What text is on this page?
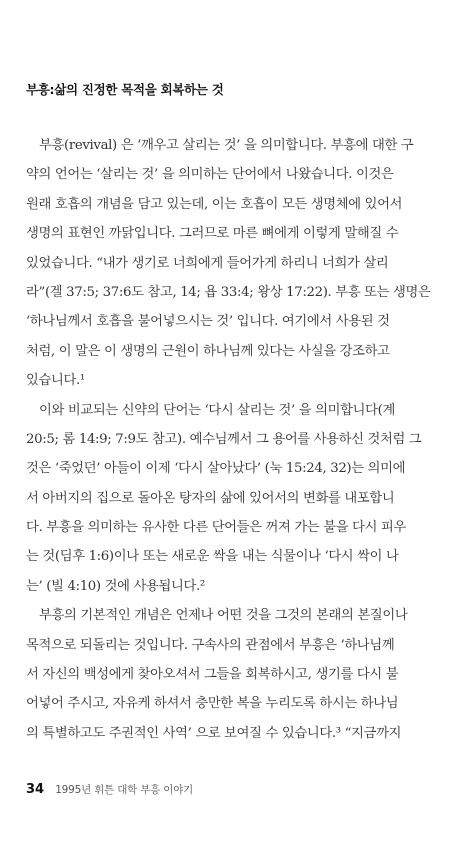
부흥:삶의 진정한 목적을 회복하는 것
부흥(revival) 은 ‘깨우고 살리는 것’ 을 의미합니다. 부흥에 대한 구
약의 언어는 ‘살리는 것’ 을 의미하는 단어에서 나왔습니다. 이것은
원래 호흡의 개념을 담고 있는데, 이는 호흡이 모든 생명체에 있어서
생명의 표현인 까닭입니다. 그러므로 마른 뼈에게 이렇게 말해질 수
있었습니다. “내가 생기로 너희에게 들어가게 하리니 너희가 살리
라”(겔 37:5; 37:6도 참고, 14; 욥 33:4; 왕상 17:22). 부흥 또는 생명은
‘하나님께서 호흡을 불어넣으시는 것’ 입니다. 여기에서 사용된 것
처럼, 이 말은 이 생명의 근원이 하나님께 있다는 사실을 강조하고
있습니다.¹
이와 비교되는 신약의 단어는 ‘다시 살리는 것’ 을 의미합니다(계
20:5; 롬 14:9; 7:9도 참고). 예수님께서 그 용어를 사용하신 것처럼 그
것은 ‘죽었던’ 아들이 이제 ‘다시 살아났다’ (눅 15:24, 32)는 의미에
서 아버지의 집으로 돌아온 탕자의 삶에 있어서의 변화를 내포합니
다. 부흥을 의미하는 유사한 다른 단어들은 꺼져 가는 불을 다시 피우
는 것(딤후 1:6)이나 또는 새로운 싹을 내는 식물이나 ‘다시 싹이 나
는’ (빌 4:10) 것에 사용됩니다.²
부흥의 기본적인 개념은 언제나 어떤 것을 그것의 본래의 본질이나
목적으로 되돌리는 것입니다. 구속사의 관점에서 부흥은 ‘하나님께
서 자신의 백성에게 찾아오셔서 그들을 회복하시고, 생기를 다시 불
어넣어 주시고, 자유케 하셔서 충만한 복을 누리도록 하시는 하나님
의 특별하고도 주권적인 사역’ 으로 보여질 수 있습니다.³ “지금까지
34 1995년 휘튼 대학 부흥 이야기
